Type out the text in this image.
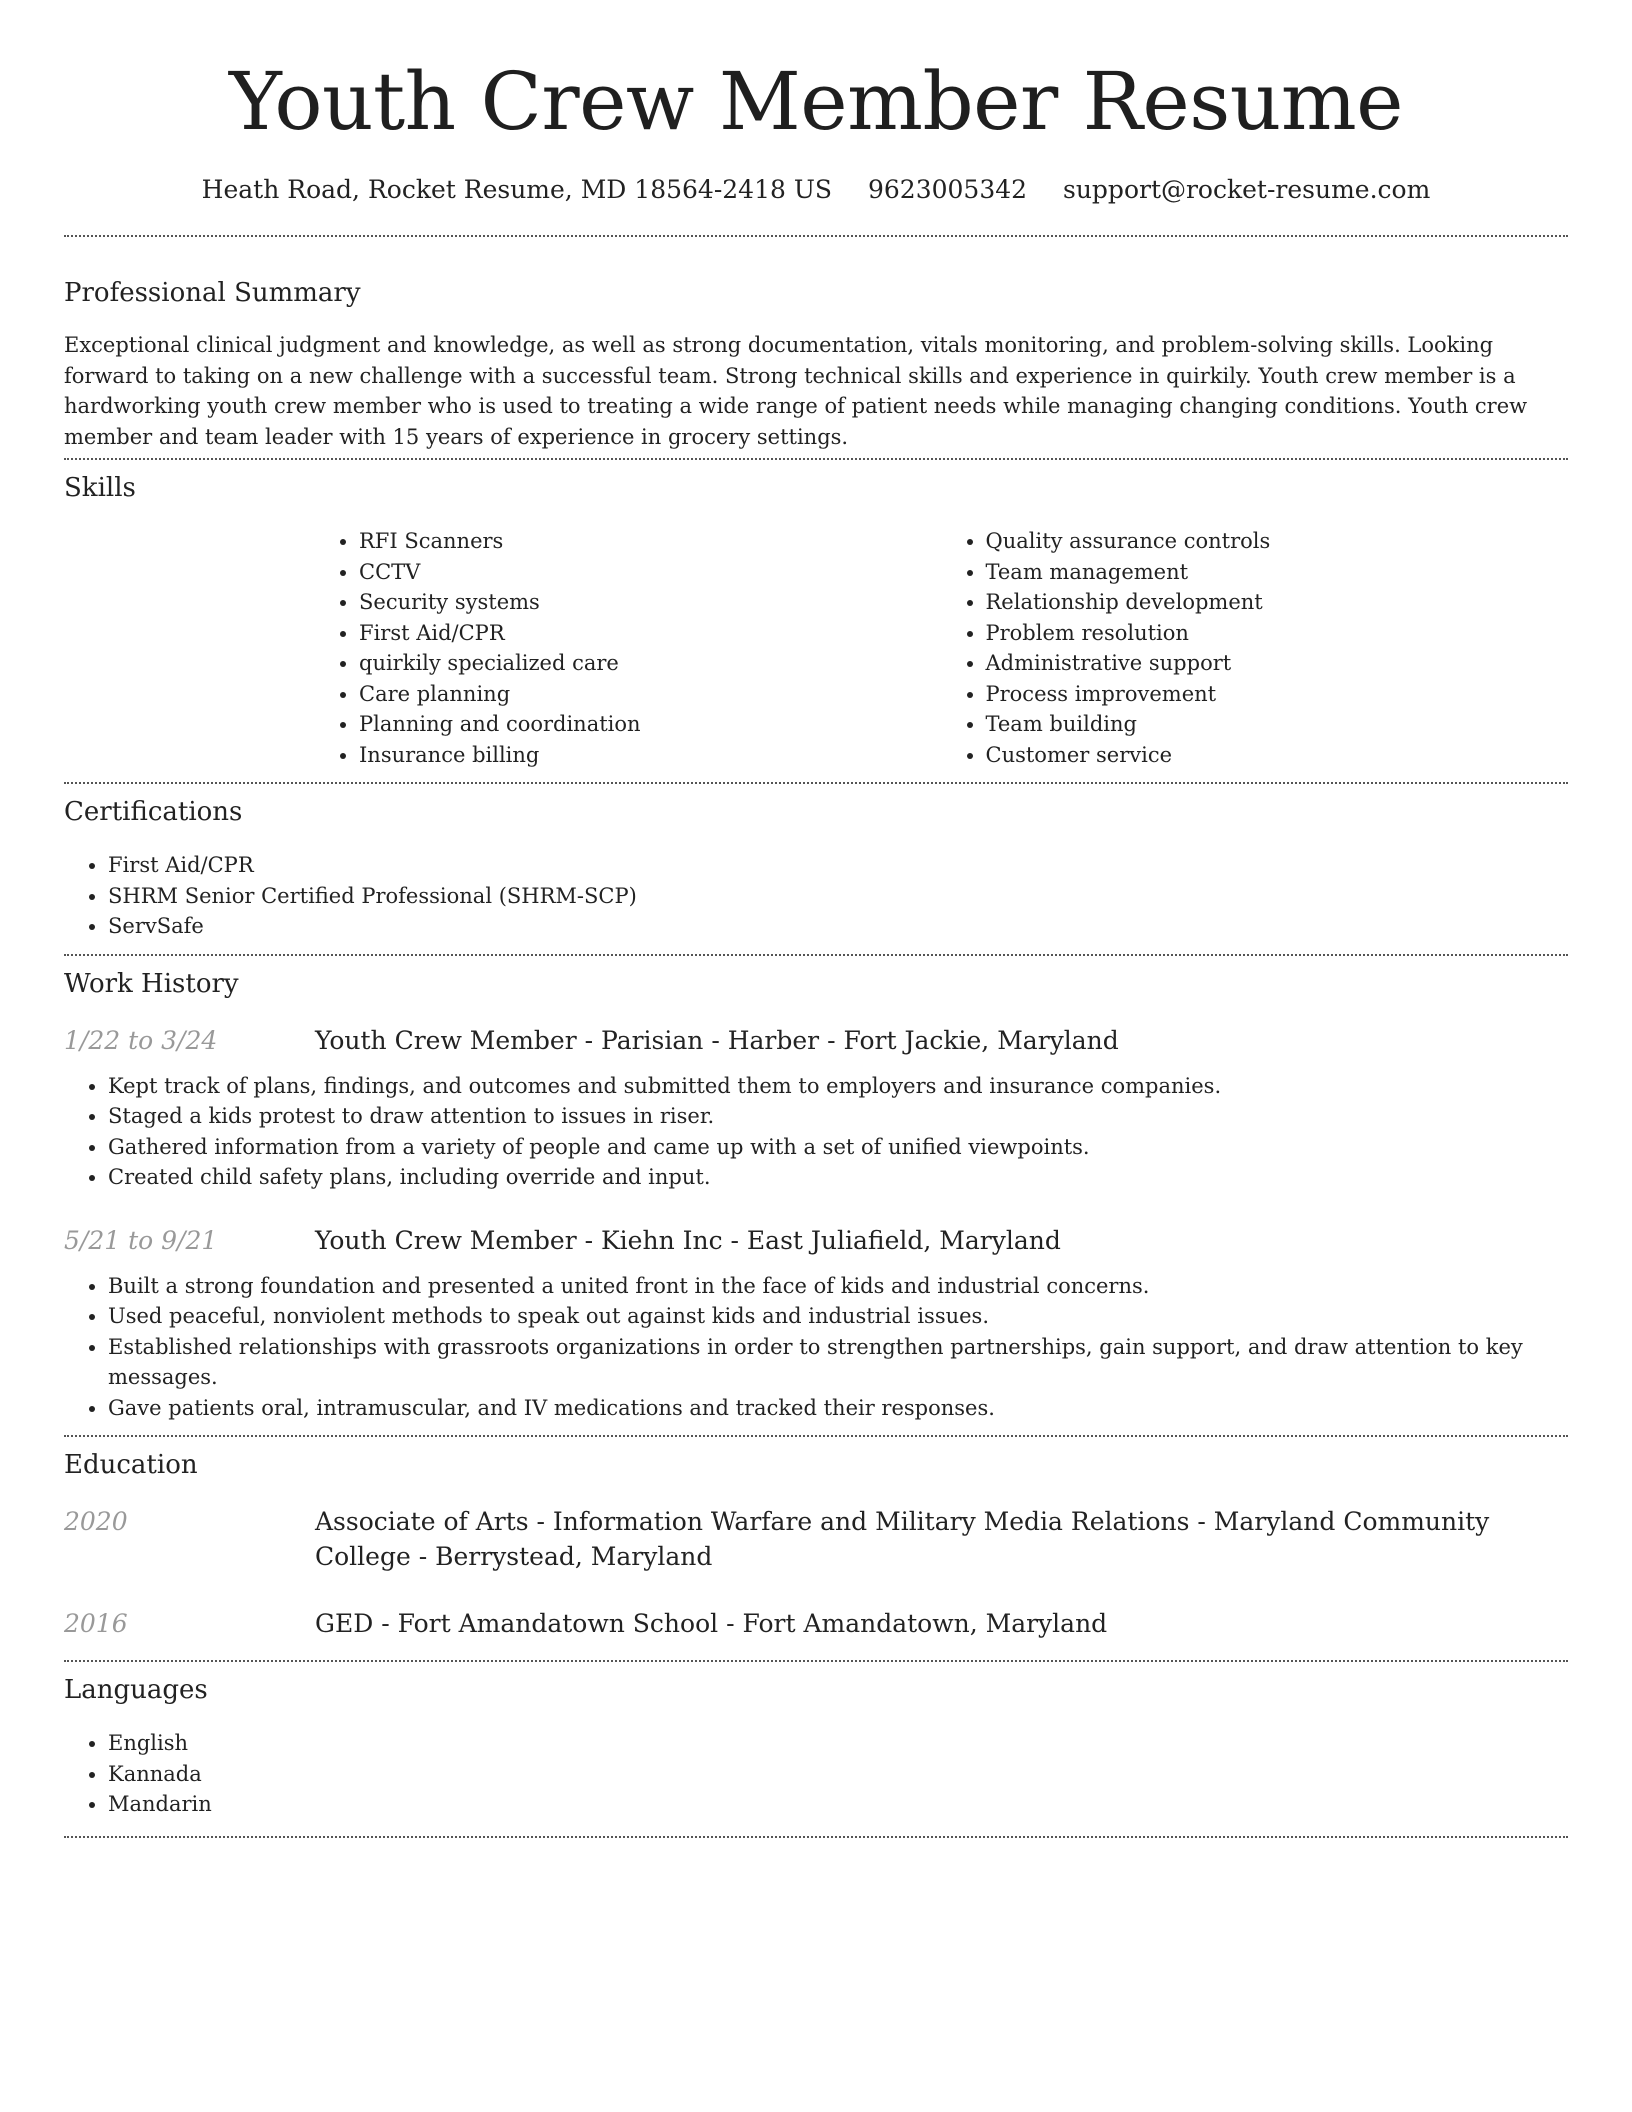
Youth Crew Member Resume
Heath Road, Rocket Resume, MD 18564-2418 US 9623005342 support@rocket-resume.com
Professional Summary

Exceptional clinical judgment and knowledge, as well as strong documentation, vitals monitoring, and problem-solving skills. Looking forward to taking on a new challenge with a successful team. Strong technical skills and experience in quirkily. Youth crew member is a hardworking youth crew member who is used to treating a wide range of patient needs while managing changing conditions. Youth crew member and team leader with 15 years of experience in grocery settings.

Skills
• RFI Scanners
• CCTV
• Security systems
• First Aid/CPR
• quirkily specialized care
• Care planning
• Planning and coordination
• Insurance billing
• Quality assurance controls
• Team management
• Relationship development
• Problem resolution
• Administrative support
• Process improvement
• Team building
• Customer service
Certifications
• First Aid/CPR
• SHRM Senior Certified Professional (SHRM-SCP)
• ServSafe
Work History
1/22 to 3/24	Youth Crew Member - Parisian - Harber - Fort Jackie, Maryland
• Kept track of plans, findings, and outcomes and submitted them to employers and insurance companies.
• Staged a kids protest to draw attention to issues in riser.
• Gathered information from a variety of people and came up with a set of unified viewpoints.
• Created child safety plans, including override and input.
5/21 to 9/21	Youth Crew Member - Kiehn Inc - East Juliafield, Maryland
• Built a strong foundation and presented a united front in the face of kids and industrial concerns.
• Used peaceful, nonviolent methods to speak out against kids and industrial issues.
• Established relationships with grassroots organizations in order to strengthen partnerships, gain support, and draw attention to key messages.
• Gave patients oral, intramuscular, and IV medications and tracked their responses.
Education
2020	Associate of Arts - Information Warfare and Military Media Relations - Maryland Community College - Berrystead, Maryland
2016	GED - Fort Amandatown School - Fort Amandatown, Maryland
Languages
• English
• Kannada
• Mandarin
